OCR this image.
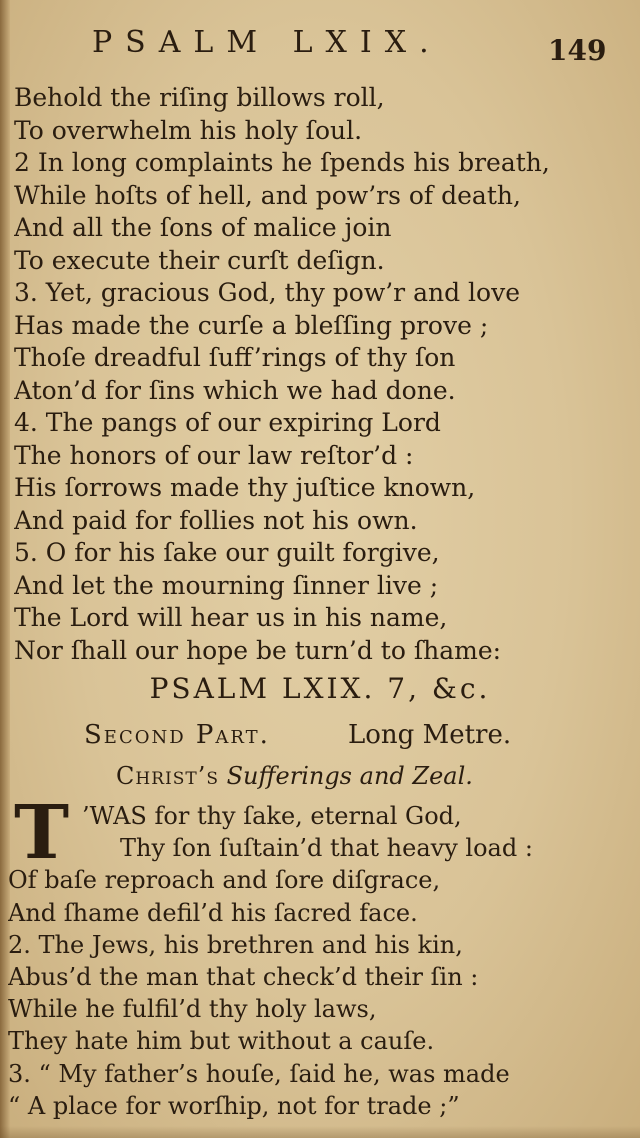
PSALM LXIX.	149
Behold the riſing billows roll,
To overwhelm his holy ſoul.
2 In long complaints he ſpends his breath,
While hoſts of hell, and pow’rs of death,
And all the ſons of malice join
To execute their curſt deſign.
3. Yet, gracious God, thy pow’r and love
Has made the curſe a bleſſing prove ;
Thoſe dreadful ſuff’rings of thy ſon
Aton’d for ſins which we had done.
4. The pangs of our expiring Lord
The honors of our law reſtor’d :
His ſorrows made thy juſtice known,
And paid for follies not his own.
5. O for his ſake our guilt forgive,
And let the mourning ſinner live ;
The Lord will hear us in his name,
Nor ſhall our hope be turn’d to ſhame:
PSALM LXIX. 7, &c.
Second Part.	Long Metre.
Christ’s Sufferings and Zeal.
T ’WAS for thy ſake, eternal God,
Thy ſon ſuſtain’d that heavy load :
Of baſe reproach and ſore diſgrace,
And ſhame defil’d his ſacred face.
2. The Jews, his brethren and his kin,
Abus’d the man that check’d their ſin :
While he fulfil’d thy holy laws,
They hate him but without a cauſe.
3. “ My father’s houſe, ſaid he, was made
“ A place for worſhip, not for trade ;”
